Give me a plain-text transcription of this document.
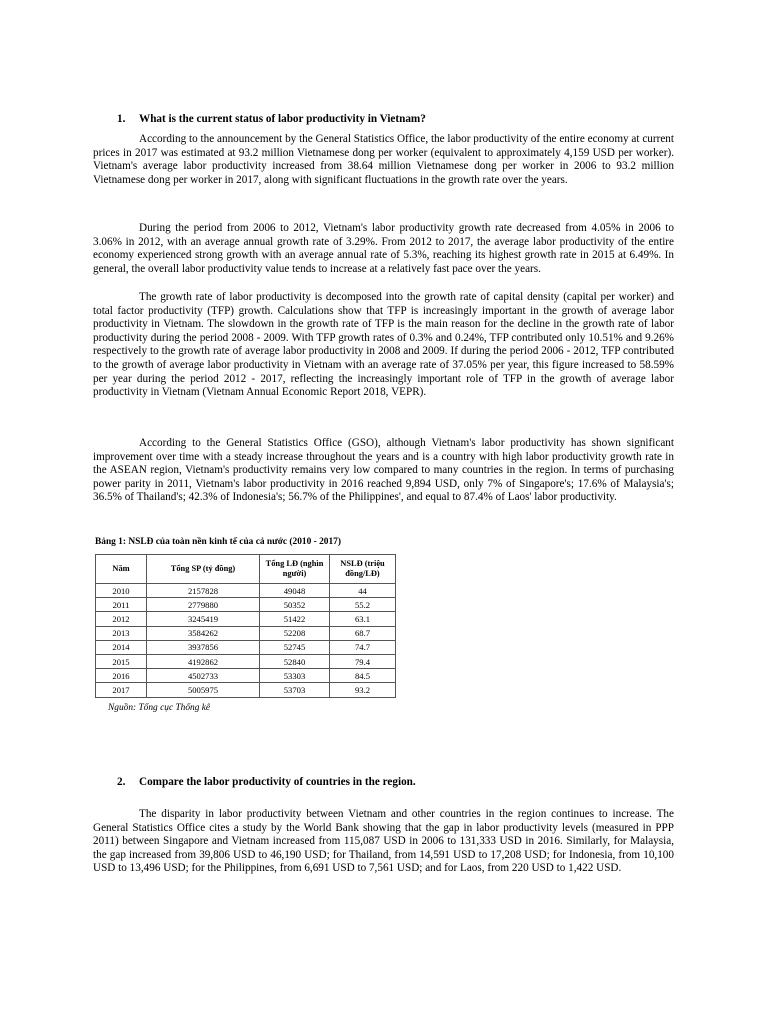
1. What is the current status of labor productivity in Vietnam?

According to the announcement by the General Statistics Office, the labor productivity of the entire economy at current prices in 2017 was estimated at 93.2 million Vietnamese dong per worker (equivalent to approximately 4,159 USD per worker). Vietnam's average labor productivity increased from 38.64 million Vietnamese dong per worker in 2006 to 93.2 million Vietnamese dong per worker in 2017, along with significant fluctuations in the growth rate over the years.

During the period from 2006 to 2012, Vietnam's labor productivity growth rate decreased from 4.05% in 2006 to 3.06% in 2012, with an average annual growth rate of 3.29%. From 2012 to 2017, the average labor productivity of the entire economy experienced strong growth with an average annual rate of 5.3%, reaching its highest growth rate in 2015 at 6.49%. In general, the overall labor productivity value tends to increase at a relatively fast pace over the years.

The growth rate of labor productivity is decomposed into the growth rate of capital density (capital per worker) and total factor productivity (TFP) growth. Calculations show that TFP is increasingly important in the growth of average labor productivity in Vietnam. The slowdown in the growth rate of TFP is the main reason for the decline in the growth rate of labor productivity during the period 2008 - 2009. With TFP growth rates of 0.3% and 0.24%, TFP contributed only 10.51% and 9.26% respectively to the growth rate of average labor productivity in 2008 and 2009. If during the period 2006 - 2012, TFP contributed to the growth of average labor productivity in Vietnam with an average rate of 37.05% per year, this figure increased to 58.59% per year during the period 2012 - 2017, reflecting the increasingly important role of TFP in the growth of average labor productivity in Vietnam (Vietnam Annual Economic Report 2018, VEPR).

According to the General Statistics Office (GSO), although Vietnam's labor productivity has shown significant improvement over time with a steady increase throughout the years and is a country with high labor productivity growth rate in the ASEAN region, Vietnam's productivity remains very low compared to many countries in the region. In terms of purchasing power parity in 2011, Vietnam's labor productivity in 2016 reached 9,894 USD, only 7% of Singapore's; 17.6% of Malaysia's; 36.5% of Thailand's; 42.3% of Indonesia's; 56.7% of the Philippines', and equal to 87.4% of Laos' labor productivity.

Bảng 1: NSLĐ của toàn nền kinh tế của cả nước (2010 - 2017)
Năm	Tổng SP (tỷ đồng)	Tổng LĐ (nghìn người)	NSLĐ (triệu đồng/LĐ)
2010	2157828	49048	44
2011	2779880	50352	55.2
2012	3245419	51422	63.1
2013	3584262	52208	68.7
2014	3937856	52745	74.7
2015	4192862	52840	79.4
2016	4502733	53303	84.5
2017	5005975	53703	93.2
Nguồn: Tổng cục Thống kê
2. Compare the labor productivity of countries in the region.

The disparity in labor productivity between Vietnam and other countries in the region continues to increase. The General Statistics Office cites a study by the World Bank showing that the gap in labor productivity levels (measured in PPP 2011) between Singapore and Vietnam increased from 115,087 USD in 2006 to 131,333 USD in 2016. Similarly, for Malaysia, the gap increased from 39,806 USD to 46,190 USD; for Thailand, from 14,591 USD to 17,208 USD; for Indonesia, from 10,100 USD to 13,496 USD; for the Philippines, from 6,691 USD to 7,561 USD; and for Laos, from 220 USD to 1,422 USD.
